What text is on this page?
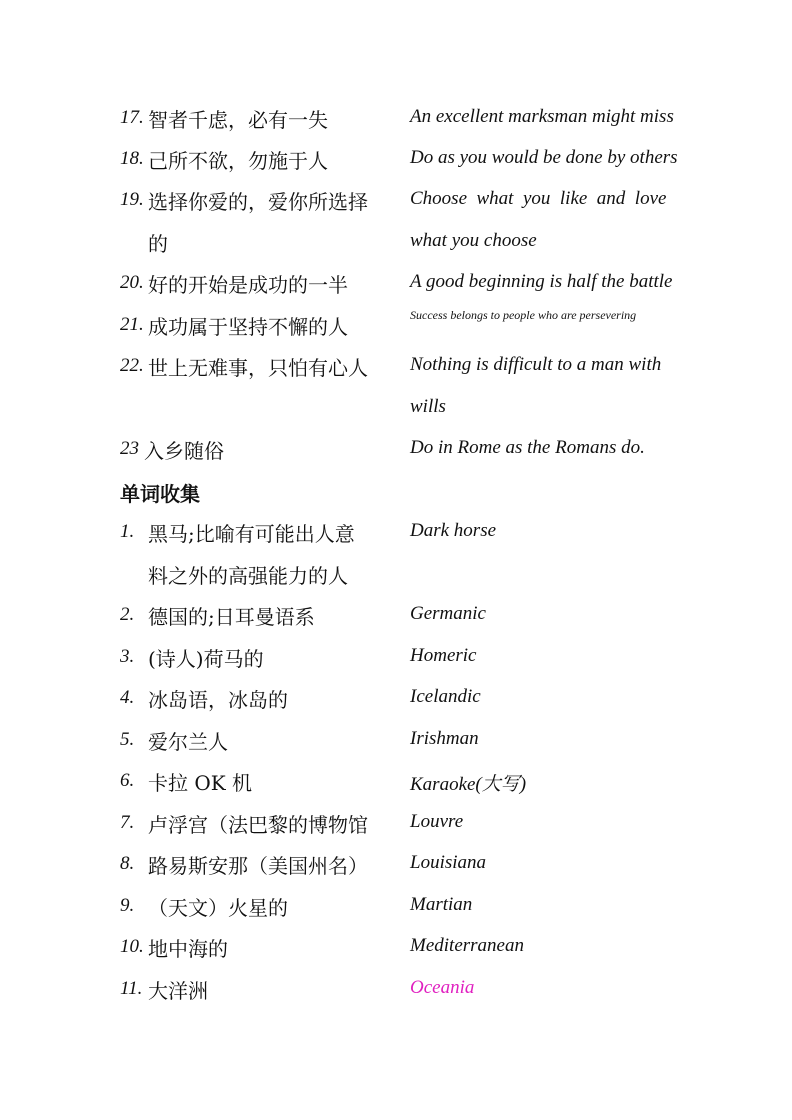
17. 智者千虑，必有一失	An excellent marksman might miss
18. 己所不欲，勿施于人	Do as you would be done by others
19. 选择你爱的，爱你所选择 Choose  what  you  like  and  love
的	what you choose
20. 好的开始是成功的一半	A good beginning is half the battle
21. 成功属于坚持不懈的人	Success belongs to people who are persevering
22. 世上无难事，只怕有心人 Nothing is difficult to a man with
wills
23 入乡随俗	Do in Rome as the Romans do.
单词收集
1. 黑马;比喻有可能出人意	Dark horse
料之外的高强能力的人
2. 德国的;日耳曼语系	Germanic
3. (诗人)荷马的	Homeric
4. 冰岛语，冰岛的	Icelandic
5. 爱尔兰人	Irishman
6. 卡拉 OK 机	Karaoke(大写)
7. 卢浮宫（法巴黎的博物馆 Louvre
8. 路易斯安那（美国州名） Louisiana
9. （天文）火星的	Martian
10. 地中海的	Mediterranean
11. 大洋洲	Oceania
